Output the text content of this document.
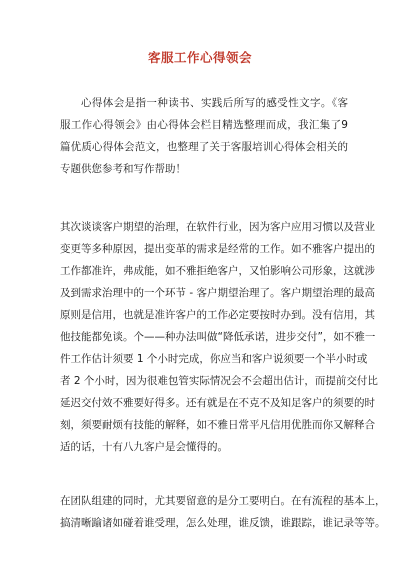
客服工作心得领会

心得体会是指一种读书、实践后所写的感受性文字。《客服工作心得领会》由心得体会栏目精选整理而成，我汇集了9篇优质心得体会范文，也整理了关于客服培训心得体会相关的专题供您参考和写作帮助！

其次谈谈客户期望的治理，在软件行业，因为客户应用习惯以及营业
变更等多种原因，提出变革的需求是经常的工作。如不雅客户提出的
工作都准许，弗成能，如不雅拒绝客户，又怕影响公司形象，这就涉
及到需求治理中的一个环节 - 客户期望治理了。客户期望治理的最高
原则是信用，也就是准许客户的工作必定要按时办到。没有信用，其
他技能都免谈。个——种办法叫做“降低承诺，进步交付”，如不雅一
件工作估计须要 1 个小时完成，你应当和客户说须要一个半小时或
者 2 个小时，因为很难包管实际情况会不会超出估计，而提前交付比
延迟交付效不雅要好得多。还有就是在不克不及知足客户的须要的时
刻，须要耐烦有技能的解释，如不雅日常平凡信用优胜而你又解释合
适的话，十有八九客户是会懂得的。
在团队组建的同时，尤其要留意的是分工要明白。在有流程的基本上，
搞清晰踰诸如碰着谁受理，怎么处理，谁反馈，谁跟踪，谁记录等等。
